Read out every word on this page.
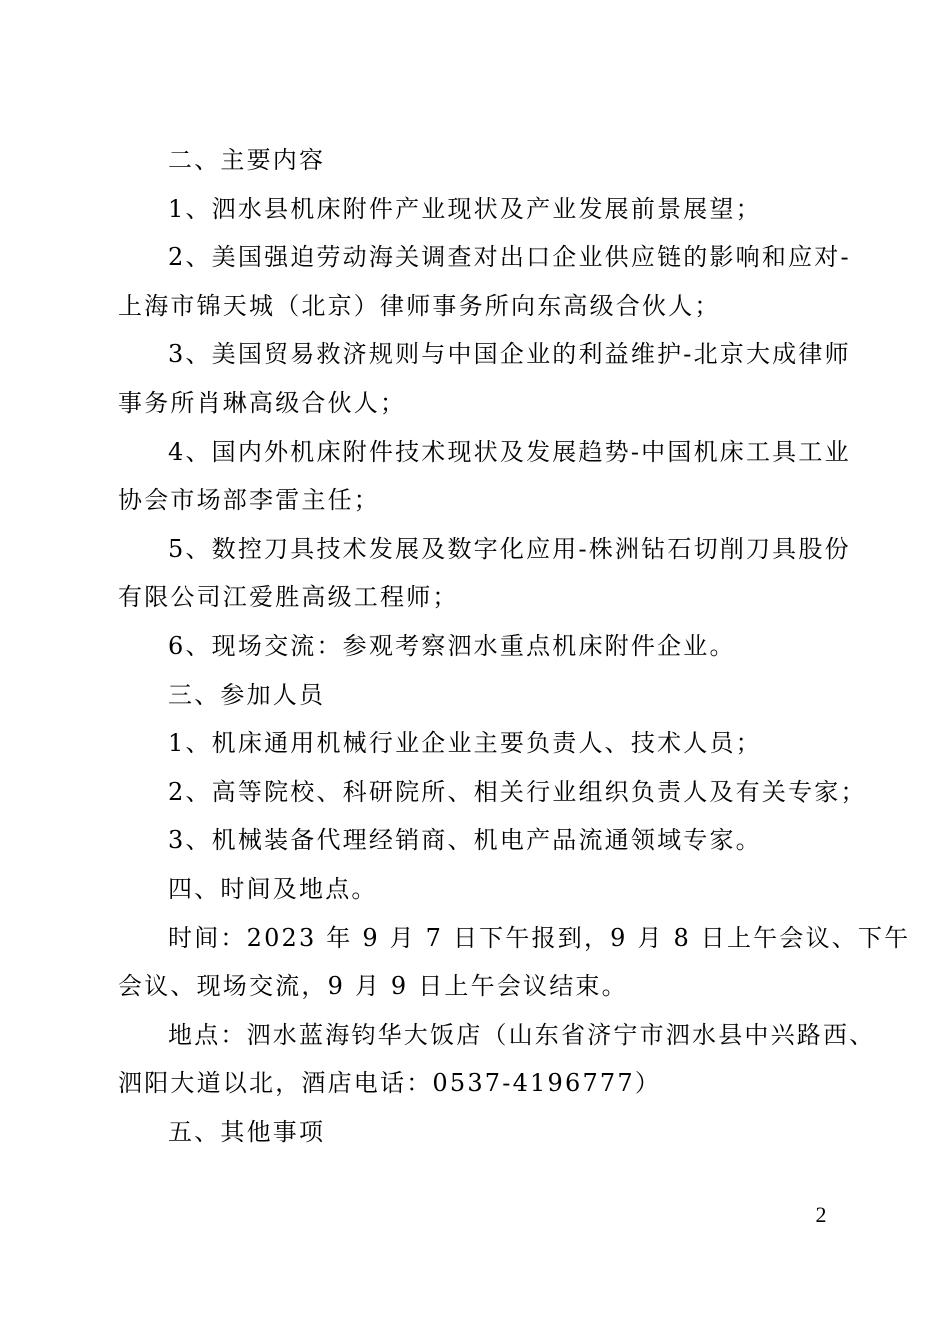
二、主要内容
1、泗水县机床附件产业现状及产业发展前景展望；
2、美国强迫劳动海关调查对出口企业供应链的影响和应对-
上海市锦天城（北京）律师事务所向东高级合伙人；
3、美国贸易救济规则与中国企业的利益维护-北京大成律师
事务所肖琳高级合伙人；
4、国内外机床附件技术现状及发展趋势-中国机床工具工业
协会市场部李雷主任；
5、数控刀具技术发展及数字化应用-株洲钻石切削刀具股份
有限公司江爱胜高级工程师；
6、现场交流：参观考察泗水重点机床附件企业。
三、参加人员
1、机床通用机械行业企业主要负责人、技术人员；
2、高等院校、科研院所、相关行业组织负责人及有关专家；
3、机械装备代理经销商、机电产品流通领域专家。
四、时间及地点。
时间：2023 年 9 月 7 日下午报到，9 月 8 日上午会议、下午
会议、现场交流，9 月 9 日上午会议结束。
地点：泗水蓝海钧华大饭店（山东省济宁市泗水县中兴路西、
泗阳大道以北，酒店电话：0537-4196777）
五、其他事项
2
